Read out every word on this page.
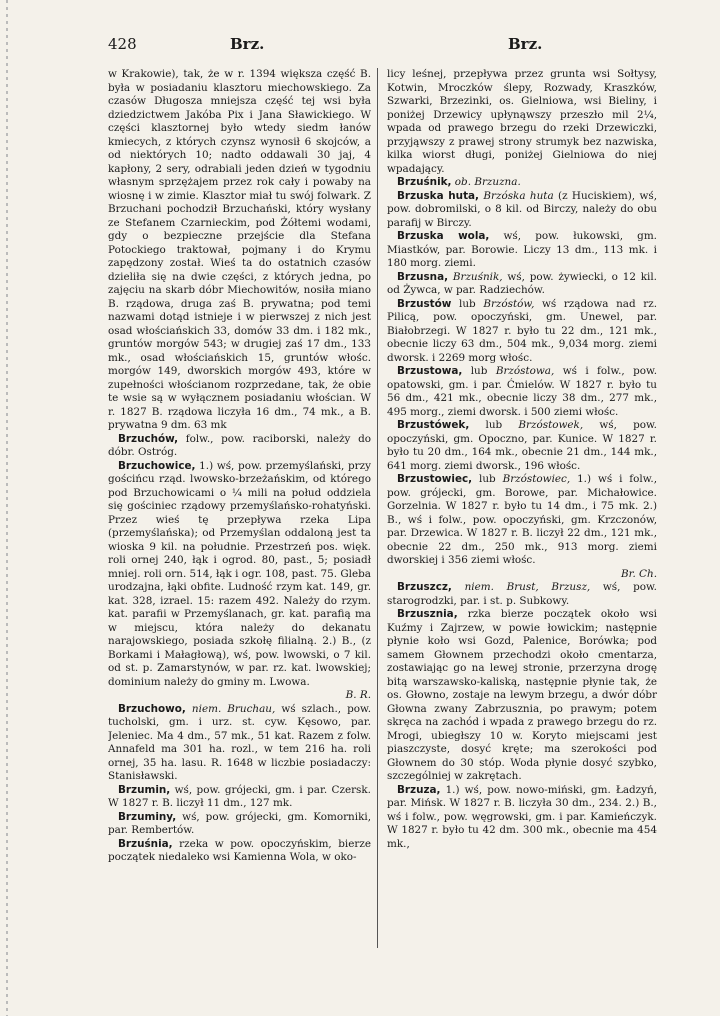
428	Brz.	Brz.

w Krakowie), tak, że w r. 1394 większa część B. była w posiadaniu klasztoru miechowskiego. Za czasów Długosza mniejsza część tej wsi była dziedzictwem Jakóba Pix i Jana Sławickiego. W części klasztornej było wtedy siedm łanów kmiecych, z których czynsz wynosił 6 skojców, a od niektórych 10; nadto oddawali 30 jaj, 4 kapłony, 2 sery, odrabiali jeden dzień w tygodniu własnym sprzężajem przez rok cały i powaby na wiosnę i w zimie. Klasztor miał tu swój folwark. Z Brzuchani pochodził Brzuchański, który wysłany ze Stefanem Czarnieckim, pod Żółtemi wodami, gdy o bezpieczne przejście dla Stefana Potockiego traktował, pojmany i do Krymu zapędzony został. Wieś ta do ostatnich czasów dzieliła się na dwie części, z których jedna, po zajęciu na skarb dóbr Miechowitów, nosiła miano B. rządowa, druga zaś B. prywatna; pod temi nazwami dotąd istnieje i w pierwszej z nich jest osad włościańskich 33, domów 33 dm. i 182 mk., gruntów morgów 543; w drugiej zaś 17 dm., 133 mk., osad włościańskich 15, gruntów włośc. morgów 149, dworskich morgów 493, które w zupełności włościanom rozprzedane, tak, że obie te wsie są w wyłącznem posiadaniu włościan. W r. 1827 B. rządowa liczyła 16 dm., 74 mk., a B. prywatna 9 dm. 63 mk

Brzuchów, folw., pow. raciborski, należy do dóbr. Ostróg.

Brzuchowice, 1.) wś, pow. przemyślański, przy gościńcu rząd. lwowsko-brzeżańskim, od którego pod Brzuchowicami o ¼ mili na połud oddziela się gościniec rządowy przemyślańsko-rohatyński. Przez wieś tę przepływa rzeka Lipa (przemyślańska); od Przemyślan oddaloną jest ta wioska 9 kil. na południe. Przestrzeń pos. więk. roli ornej 240, łąk i ogrod. 80, past., 5; posiadł mniej. roli orn. 514, łąk i ogr. 108, past. 75. Gleba urodzajna, łąki obfite. Ludność rzym kat. 149, gr. kat. 328, izrael. 15: razem 492. Należy do rzym. kat. parafii w Przemyślanach, gr. kat. parafią ma w miejscu, która należy do dekanatu narajowskiego, posiada szkołę filialną. 2.) B., (z Borkami i Małagłową), wś, pow. lwowski, o 7 kil. od st. p. Zamarstynów, w par. rz. kat. lwowskiej; dominium należy do gminy m. Lwowa.

B. R.

Brzuchowo, niem. Bruchau, wś szlach., pow. tucholski, gm. i urz. st. cyw. Kęsowo, par. Jeleniec. Ma 4 dm., 57 mk., 51 kat. Razem z folw. Annafeld ma 301 ha. rozl., w tem 216 ha. roli ornej, 35 ha. lasu. R. 1648 w liczbie posiadaczy: Stanisławski.

Brzumin, wś, pow. grójecki, gm. i par. Czersk. W 1827 r. B. liczył 11 dm., 127 mk.

Brzuminy, wś, pow. grójecki, gm. Komorniki, par. Rembertów.

Brzuśnia, rzeka w pow. opoczyńskim, bierze początek niedaleko wsi Kamienna Wola, w oko-

licy leśnej, przepływa przez grunta wsi Sołtysy, Kotwin, Mroczków ślepy, Rozwady, Kraszków, Szwarki, Brzezinki, os. Gielniowa, wsi Bieliny, i poniżej Drzewicy upłynąwszy przeszło mil 2¼, wpada od prawego brzegu do rzeki Drzewiczki, przyjąwszy z prawej strony strumyk bez nazwiska, kilka wiorst długi, poniżej Gielniowa do niej wpadający.

Brzuśnik, ob. Brzuzna.

Brzuska huta, Brzóska huta (z Huciskiem), wś, pow. dobromilski, o 8 kil. od Birczy, należy do obu parafij w Birczy.

Brzuska wola, wś, pow. łukowski, gm. Miastków, par. Borowie. Liczy 13 dm., 113 mk. i 180 morg. ziemi.

Brzusna, Brzuśnik, wś, pow. żywiecki, o 12 kil. od Żywca, w par. Radziechów.

Brzustów lub Brzóstów, wś rządowa nad rz. Pilicą, pow. opoczyński, gm. Unewel, par. Białobrzegi. W 1827 r. było tu 22 dm., 121 mk., obecnie liczy 63 dm., 504 mk., 9,034 morg. ziemi dworsk. i 2269 morg włośc.

Brzustowa, lub Brzóstowa, wś i folw., pow. opatowski, gm. i par. Ćmielów. W 1827 r. było tu 56 dm., 421 mk., obecnie liczy 38 dm., 277 mk., 495 morg., ziemi dworsk. i 500 ziemi włośc.

Brzustówek, lub Brzóstowek, wś, pow. opoczyński, gm. Opoczno, par. Kunice. W 1827 r. było tu 20 dm., 164 mk., obecnie 21 dm., 144 mk., 641 morg. ziemi dworsk., 196 włośc.

Brzustowiec, lub Brzóstowiec, 1.) wś i folw., pow. grójecki, gm. Borowe, par. Michałowice. Gorzelnia. W 1827 r. było tu 14 dm., i 75 mk. 2.) B., wś i folw., pow. opoczyński, gm. Krzczonów, par. Drzewica. W 1827 r. B. liczył 22 dm., 121 mk., obecnie 22 dm., 250 mk., 913 morg. ziemi dworskiej i 356 ziemi włośc.

Br. Ch.

Brzuszcz, niem. Brust, Brzusz, wś, pow. starogrodzki, par. i st. p. Subkowy.

Brzusznia, rzka bierze początek około wsi Kuźmy i Zajrzew, w powie łowickim; następnie płynie koło wsi Gozd, Palenice, Borówka; pod samem Głownem przechodzi około cmentarza, zostawiając go na lewej stronie, przerzyna drogę bitą warszawsko-kaliską, następnie płynie tak, że os. Głowno, zostaje na lewym brzegu, a dwór dóbr Głowna zwany Zabrzusznia, po prawym; potem skręca na zachód i wpada z prawego brzegu do rz. Mrogi, ubiegłszy 10 w. Koryto miejscami jest piaszczyste, dosyć kręte; ma szerokości pod Głownem do 30 stóp. Woda płynie dosyć szybko, szczególniej w zakrętach.

Brzuza, 1.) wś, pow. nowo-miński, gm. Ładzyń, par. Mińsk. W 1827 r. B. liczyła 30 dm., 234. 2.) B., wś i folw., pow. węgrowski, gm. i par. Kamieńczyk. W 1827 r. było tu 42 dm. 300 mk., obecnie ma 454 mk.,
